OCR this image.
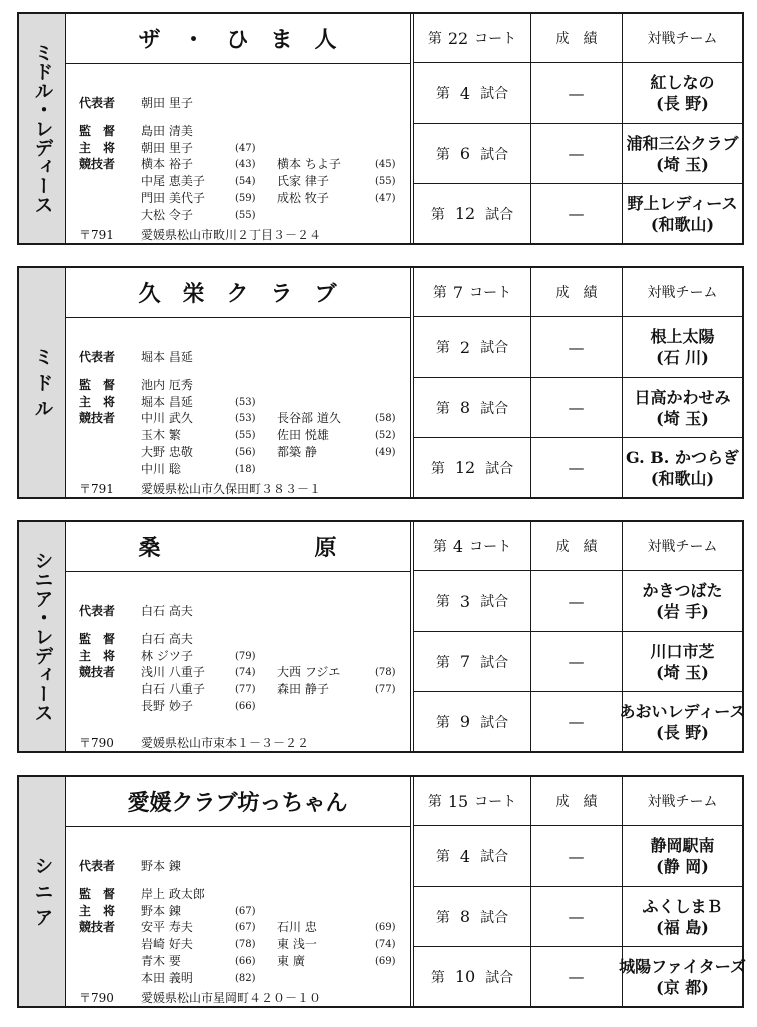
ミドル・レディース
ザ　・　ひ　ま　人
代表者 朝田 里子
監　督 島田 清美
主　将 朝田 里子	(47)
競技者 横本 裕子	(43) 横本 ちよ子	(45)
中尾 恵美子	(54) 氏家 律子	(55)
門田 美代子	(59) 成松 牧子	(47)
大松 令子	(55)
〒791 愛媛県松山市畋川２丁目３－２４
第 22 コート	成　績	対戦チーム
第 4 試合	—
紅しなの
(長 野)
第 6 試合	—
浦和三公クラブ
(埼 玉)
第 12 試合	—
野上レディース
(和歌山)
ミ ド ル
久　栄　ク　ラ　ブ
代表者 堀本 昌延
監　督 池内 厄秀
主　将 堀本 昌延	(53)
競技者 中川 武久	(53) 長谷部 道久	(58)
玉木 繁	(55) 佐田 悦雄	(52)
大野 忠敬	(56) 都築 静	(49)
中川 聡	(18)
〒791 愛媛県松山市久保田町３８３－１
第 7 コート	成　績	対戦チーム
第 2 試合	—
根上太陽
(石 川)
第 8 試合	—
日高かわせみ
(埼 玉)
第 12 試合	—
G. B. かつらぎ
(和歌山)
シニア・レディース
桑　　　　　　　原
代表者 白石 高夫
監　督 白石 高夫
主　将 林 ジツ子	(79)
競技者 浅川 八重子	(74) 大西 フジエ	(78)
白石 八重子	(77) 森田 静子	(77)
長野 妙子	(66)
〒790 愛媛県松山市束本１－３－２２
第 4 コート	成　績	対戦チーム
第 3 試合	—
かきつばた
(岩 手)
第 7 試合	—
川口市芝
(埼 玉)
第 9 試合	—
あおいレディース
(長 野)
シ ニ ア
愛媛クラブ坊っちゃん
代表者 野本 錬
監　督 岸上 政太郎
主　将 野本 錬	(67)
競技者 安平 寿夫	(67) 石川 忠	(69)
岩崎 好夫	(78) 東 浅一	(74)
青木 要	(66) 東 廣	(69)
本田 義明	(82)
〒790 愛媛県松山市星岡町４２０－１０
第 15 コート	成　績	対戦チーム
第 4 試合	—
静岡駅南
(静 岡)
第 8 試合	—
ふくしまＢ
(福 島)
第 10 試合	—
城陽ファイターズ
(京 都)
